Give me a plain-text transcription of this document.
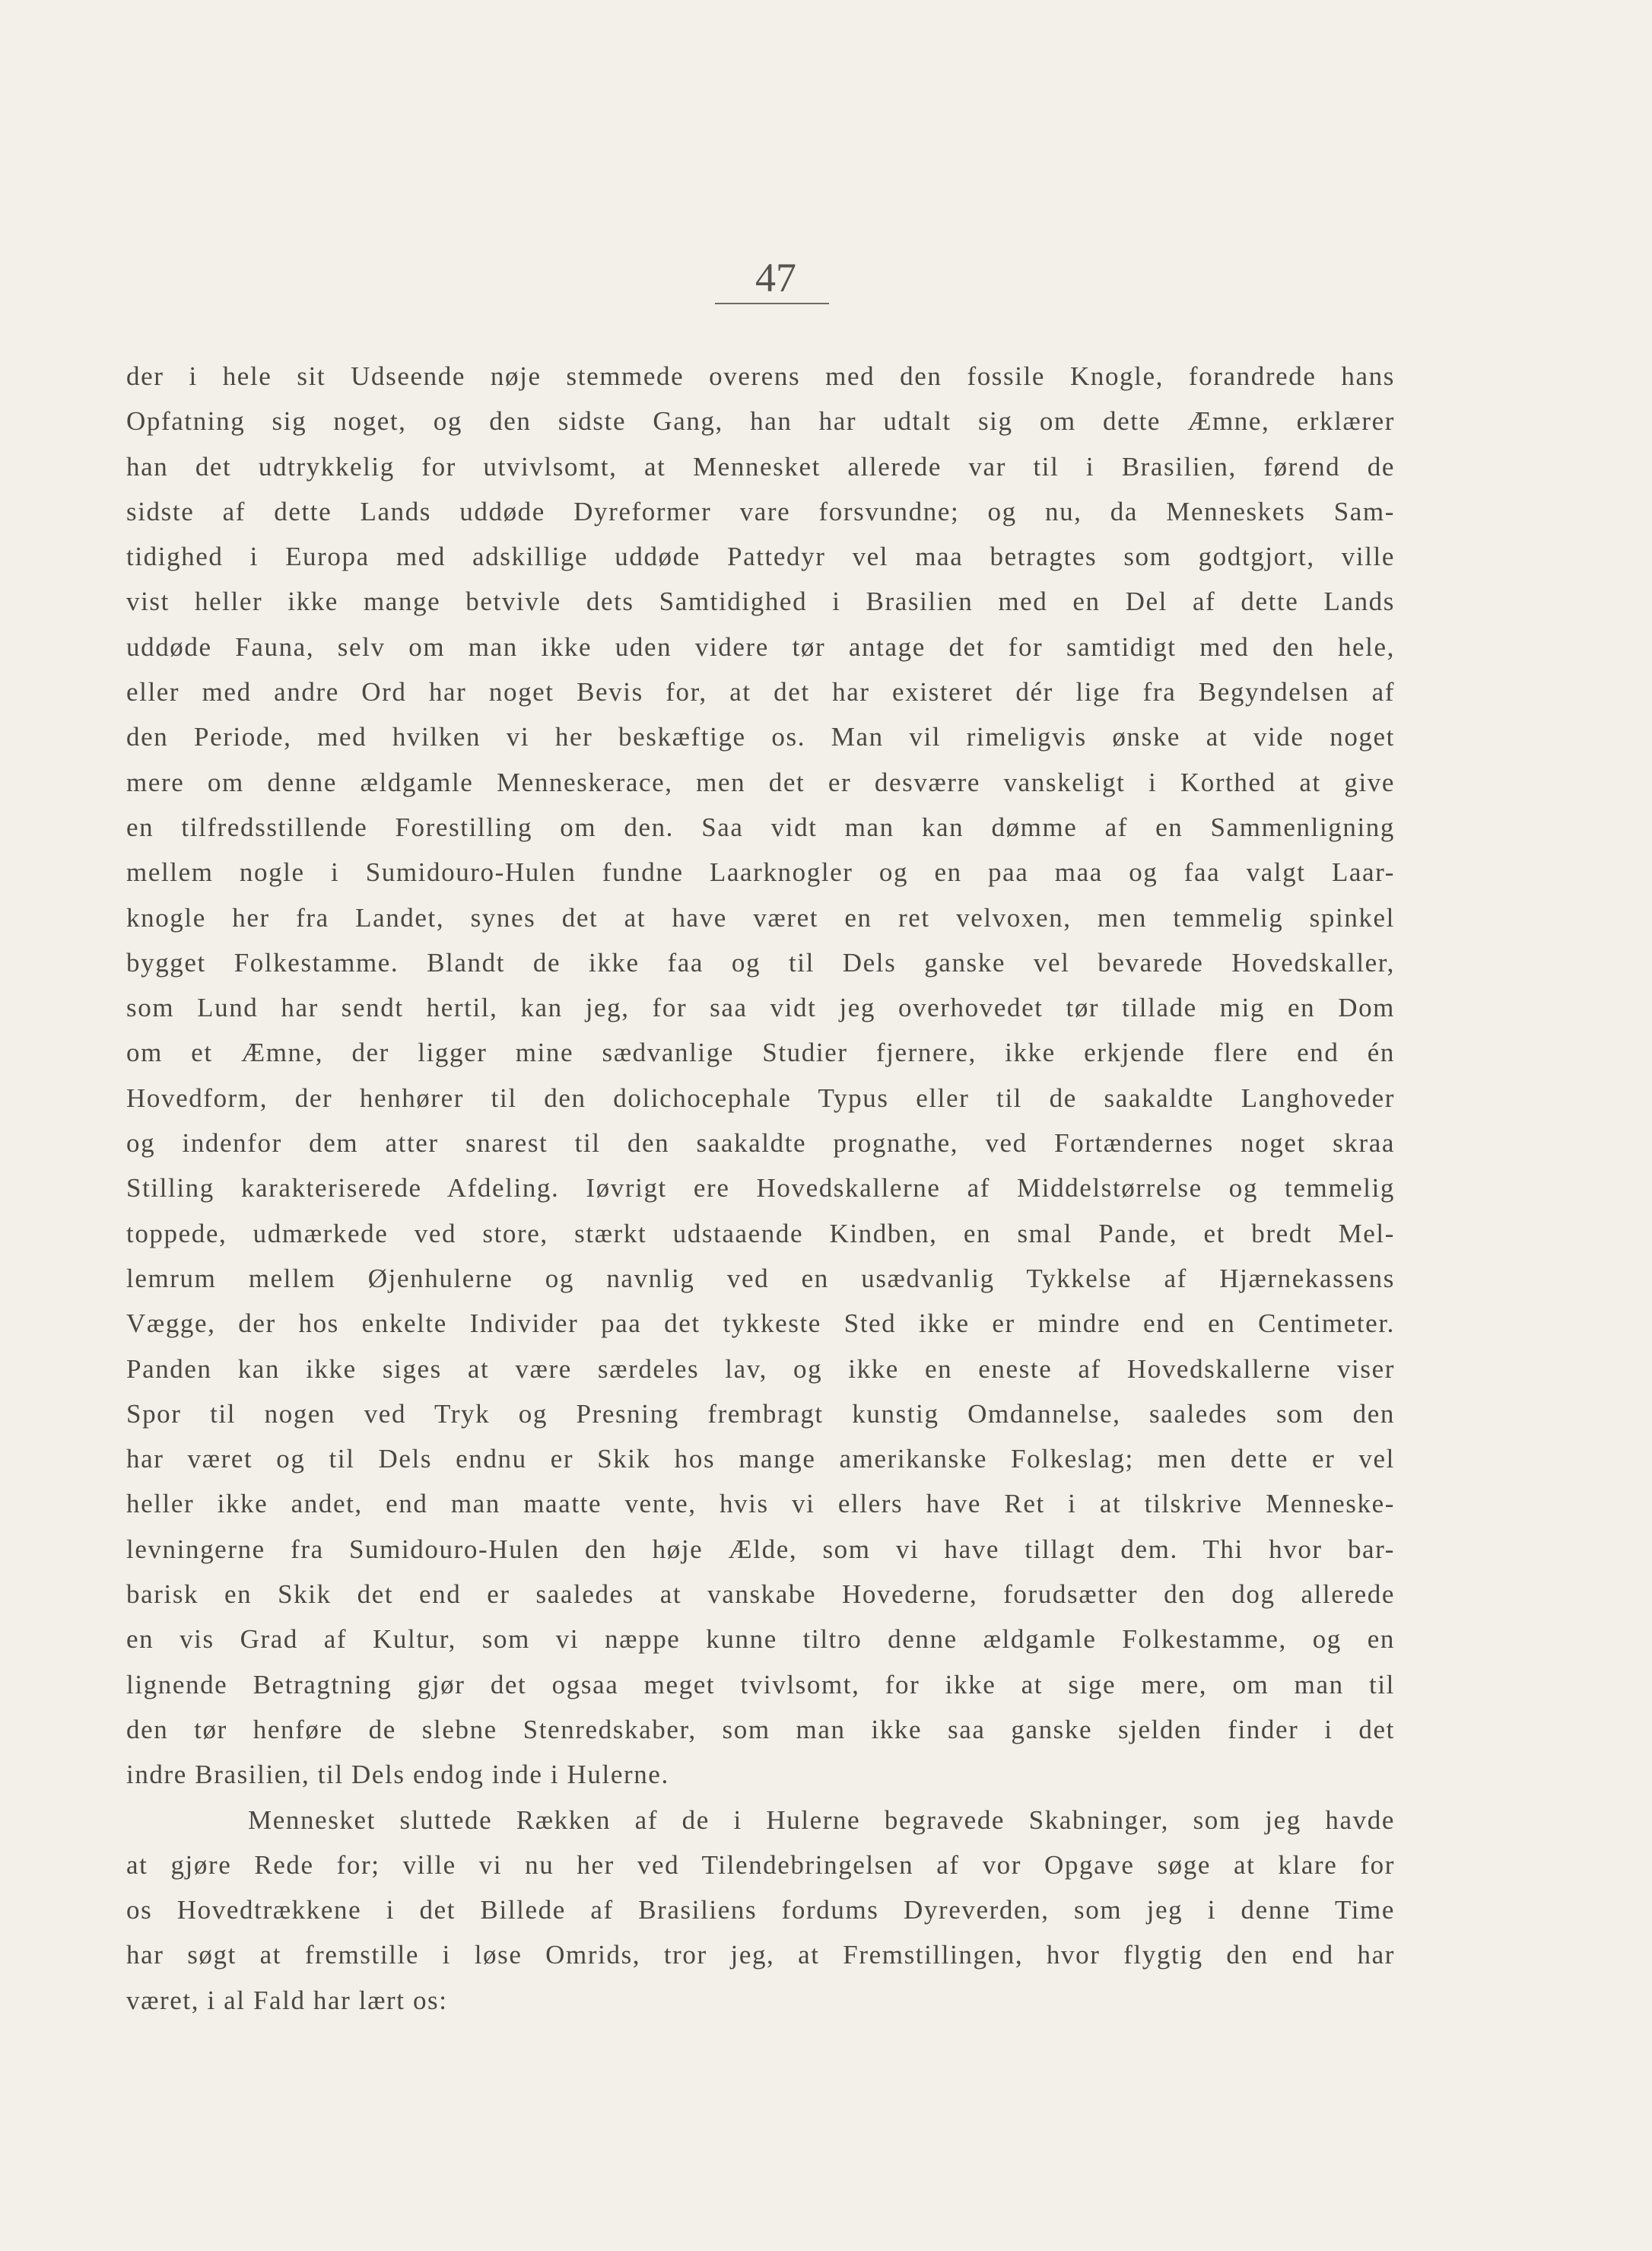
47
der i hele sit Udseende nøje stemmede overens med den fossile Knogle, forandrede hans
Opfatning sig noget, og den sidste Gang, han har udtalt sig om dette Æmne, erklærer
han det udtrykkelig for utvivlsomt, at Mennesket allerede var til i Brasilien, førend de
sidste af dette Lands uddøde Dyreformer vare forsvundne; og nu, da Menneskets Sam-
tidighed i Europa med adskillige uddøde Pattedyr vel maa betragtes som godtgjort, ville
vist heller ikke mange betvivle dets Samtidighed i Brasilien med en Del af dette Lands
uddøde Fauna, selv om man ikke uden videre tør antage det for samtidigt med den hele,
eller med andre Ord har noget Bevis for, at det har existeret dér lige fra Begyndelsen af
den Periode, med hvilken vi her beskæftige os. Man vil rimeligvis ønske at vide noget
mere om denne ældgamle Menneskerace, men det er desværre vanskeligt i Korthed at give
en tilfredsstillende Forestilling om den. Saa vidt man kan dømme af en Sammenligning
mellem nogle i Sumidouro-Hulen fundne Laarknogler og en paa maa og faa valgt Laar-
knogle her fra Landet, synes det at have været en ret velvoxen, men temmelig spinkel
bygget Folkestamme. Blandt de ikke faa og til Dels ganske vel bevarede Hovedskaller,
som Lund har sendt hertil, kan jeg, for saa vidt jeg overhovedet tør tillade mig en Dom
om et Æmne, der ligger mine sædvanlige Studier fjernere, ikke erkjende flere end én
Hovedform, der henhører til den dolichocephale Typus eller til de saakaldte Langhoveder
og indenfor dem atter snarest til den saakaldte prognathe, ved Fortændernes noget skraa
Stilling karakteriserede Afdeling. Iøvrigt ere Hovedskallerne af Middelstørrelse og temmelig
toppede, udmærkede ved store, stærkt udstaaende Kindben, en smal Pande, et bredt Mel-
lemrum mellem Øjenhulerne og navnlig ved en usædvanlig Tykkelse af Hjærnekassens
Vægge, der hos enkelte Individer paa det tykkeste Sted ikke er mindre end en Centimeter.
Panden kan ikke siges at være særdeles lav, og ikke en eneste af Hovedskallerne viser
Spor til nogen ved Tryk og Presning frembragt kunstig Omdannelse, saaledes som den
har været og til Dels endnu er Skik hos mange amerikanske Folkeslag; men dette er vel
heller ikke andet, end man maatte vente, hvis vi ellers have Ret i at tilskrive Menneske-
levningerne fra Sumidouro-Hulen den høje Ælde, som vi have tillagt dem. Thi hvor bar-
barisk en Skik det end er saaledes at vanskabe Hovederne, forudsætter den dog allerede
en vis Grad af Kultur, som vi næppe kunne tiltro denne ældgamle Folkestamme, og en
lignende Betragtning gjør det ogsaa meget tvivlsomt, for ikke at sige mere, om man til
den tør henføre de slebne Stenredskaber, som man ikke saa ganske sjelden finder i det
indre Brasilien, til Dels endog inde i Hulerne.
Mennesket sluttede Rækken af de i Hulerne begravede Skabninger, som jeg havde
at gjøre Rede for; ville vi nu her ved Tilendebringelsen af vor Opgave søge at klare for
os Hovedtrækkene i det Billede af Brasiliens fordums Dyreverden, som jeg i denne Time
har søgt at fremstille i løse Omrids, tror jeg, at Fremstillingen, hvor flygtig den end har
været, i al Fald har lært os:
